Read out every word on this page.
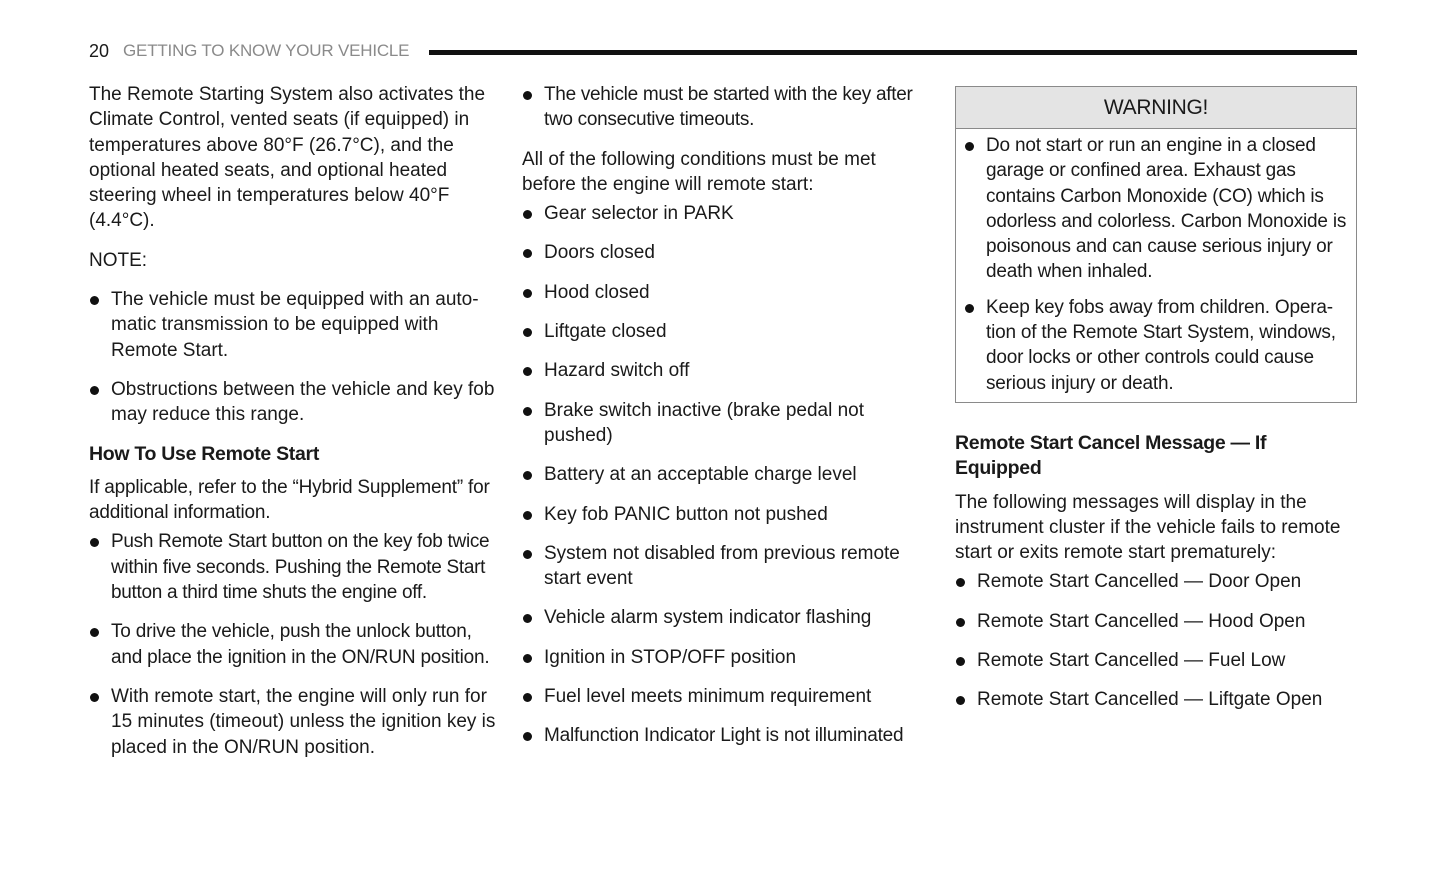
20 GETTING TO KNOW YOUR VEHICLE

The Remote Starting System also activates the Climate Control, vented seats (if equipped) in temperatures above 80°F (26.7°C), and the optional heated seats, and optional heated steering wheel in temperatures below 40°F (4.4°C).

NOTE:

The vehicle must be equipped with an auto-matic transmission to be equipped with Remote Start.
Obstructions between the vehicle and key fob may reduce this range.

How To Use Remote Start

If applicable, refer to the “Hybrid Supplement” for additional information.

Push Remote Start button on the key fob twice within five seconds. Pushing the Remote Start button a third time shuts the engine off.
To drive the vehicle, push the unlock button, and place the ignition in the ON/RUN position.
With remote start, the engine will only run for 15 minutes (timeout) unless the ignition key is placed in the ON/RUN position.
The vehicle must be started with the key after two consecutive timeouts.

All of the following conditions must be met before the engine will remote start:

Gear selector in PARK
Doors closed
Hood closed
Liftgate closed
Hazard switch off
Brake switch inactive (brake pedal not pushed)
Battery at an acceptable charge level
Key fob PANIC button not pushed
System not disabled from previous remote start event
Vehicle alarm system indicator flashing
Ignition in STOP/OFF position
Fuel level meets minimum requirement
Malfunction Indicator Light is not illuminated
WARNING!
Do not start or run an engine in a closed garage or confined area. Exhaust gas contains Carbon Monoxide (CO) which is odorless and colorless. Carbon Monoxide is poisonous and can cause serious injury or death when inhaled.
Keep key fobs away from children. Opera-tion of the Remote Start System, windows, door locks or other controls could cause serious injury or death.

Remote Start Cancel Message — If Equipped

The following messages will display in the instrument cluster if the vehicle fails to remote start or exits remote start prematurely:

Remote Start Cancelled — Door Open
Remote Start Cancelled — Hood Open
Remote Start Cancelled — Fuel Low
Remote Start Cancelled — Liftgate Open
